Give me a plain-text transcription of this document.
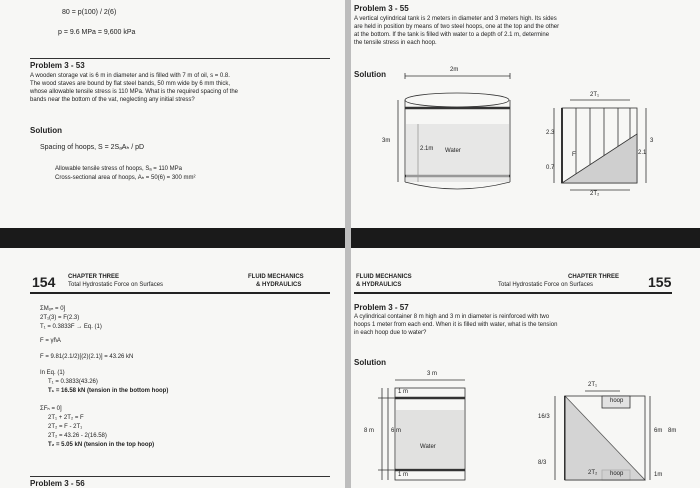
80 = p(100) / 2(6)
p = 9.6 MPa = 9,600 kPa
Problem 3 - 53
A wooden storage vat is 6 m in diameter and is filled with 7 m of oil, s = 0.8.
The wood staves are bound by flat steel bands, 50 mm wide by 6 mm thick,
whose allowable tensile stress is 110 MPa. What is the required spacing of the
bands near the bottom of the vat, neglecting any initial stress?
Solution
Spacing of hoops, S = 2SₐAₕ / pD
Allowable tensile stress of hoops, Sₐ = 110 MPa
Cross-sectional area of hoops, Aₕ = 50(6) = 300 mm²
Problem 3 - 55
A vertical cylindrical tank is 2 meters in diameter and 3 meters high. Its sides
are held in position by means of two steel hoops, one at the top and the other
at the bottom. If the tank is filled with water to a depth of 2.1 m, determine
the tensile stress in each hoop.
Solution	2m
3m
2.1m Water
2T₁
2T₂
2.3
3
2.1
0.7
F
154 CHAPTER THREE
Total Hydrostatic Force on Surfaces
FLUID MECHANICS
& HYDRAULICS
ΣMₒₙ = 0]
2T₁(3) = F(2.3)
T₁ = 0.3833F → Eq. (1)
F = γh̄A
F = 9.81(2.1/2)[(2)(2.1)] = 43.26 kN
In Eq. (1)
T₁ = 0.3833(43.26)
T₁ = 16.58 kN (tension in the bottom hoop)
ΣFₕ = 0]
2T₁ + 2T₂ = F
2T₂ = F - 2T₁
2T₂ = 43.26 - 2(16.58)
T₂ = 5.05 kN (tension in the top hoop)
Problem 3 - 56
FLUID MECHANICS
& HYDRAULICS
CHAPTER THREE
Total Hydrostatic Force on Surfaces	155
Problem 3 - 57
A cylindrical container 8 m high and 3 m in diameter is reinforced with two
hoops 1 meter from each end. When it is filled with water, what is the tension
in each hoop due to water?
Solution
3 m
1 m
8 m	6 m
1 m
Water
2T₁
2T₂
hoop
hoop
16/3
8/3
6m 8m
1m
